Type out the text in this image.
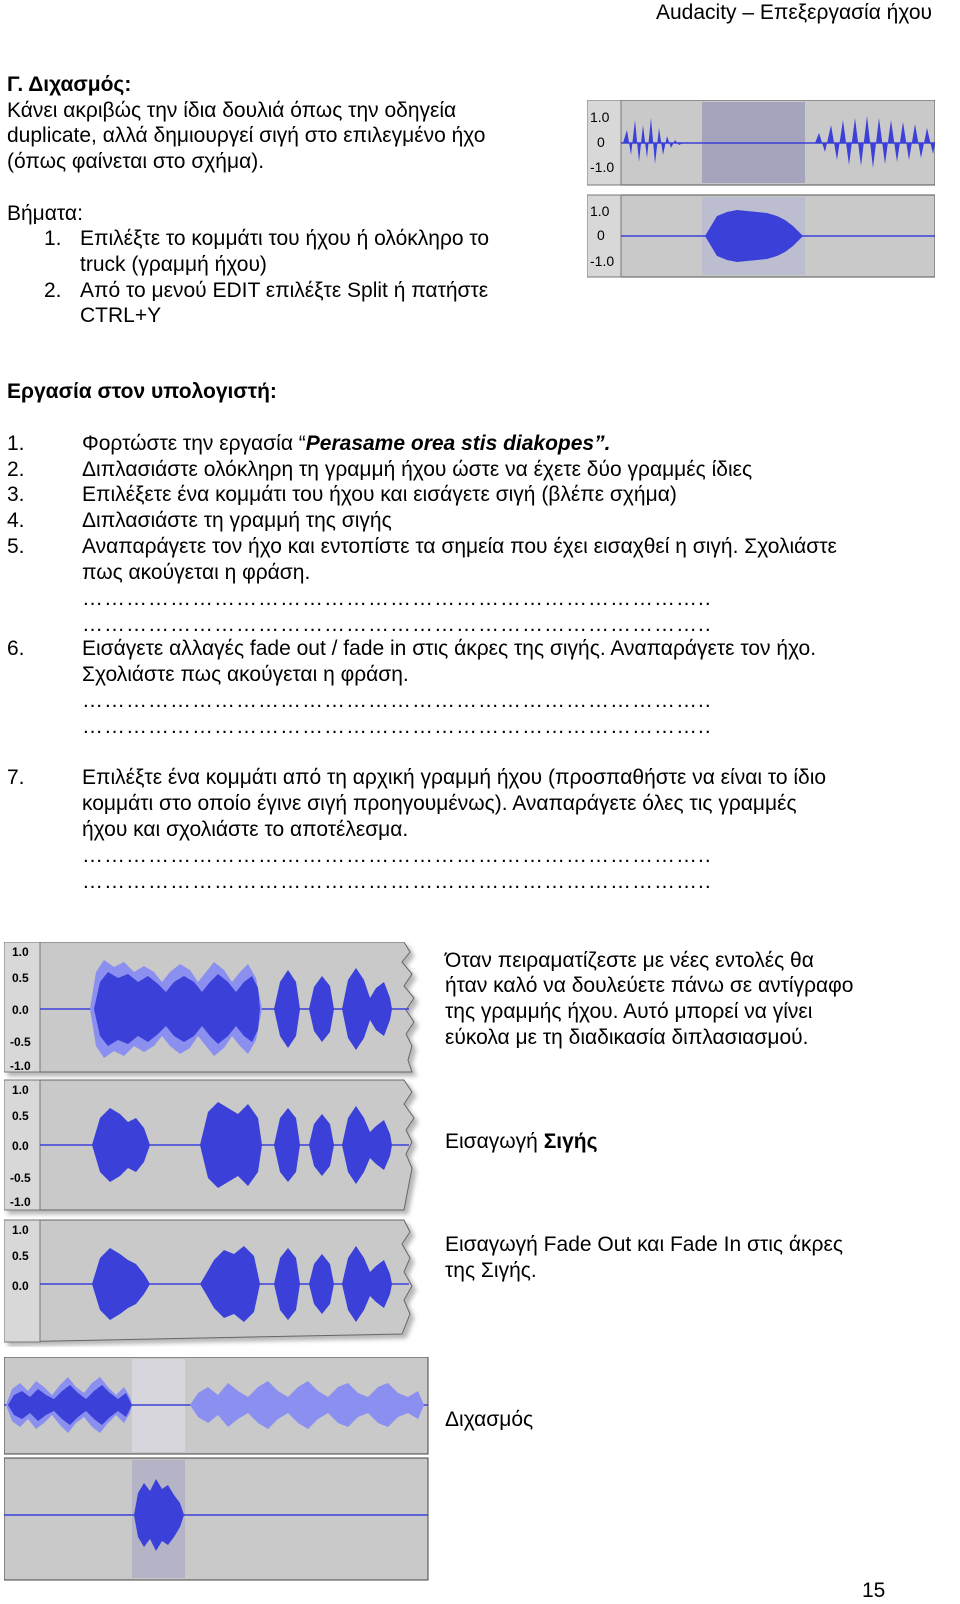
Audacity – Επεξεργασία ήχου
Γ. Διχασμός:
Κάνει ακριβώς την ίδια δουλιά όπως την οδηγεία
duplicate, αλλά δημιουργεί σιγή στο επιλεγμένο ήχο
(όπως φαίνεται στο σχήμα).
Βήματα:
1. Επιλέξτε το κομμάτι του ήχου ή ολόκληρο το
truck (γραμμή ήχου)
2. Από το μενού EDIT επιλέξτε Split ή πατήστε
CTRL+Y
1.0
0
-1.0
1.0
0
-1.0
Εργασία στον υπολογιστή:
1.	Φορτώστε την εργασία “Perasame orea stis diakopes”.
2.	Διπλασιάστε ολόκληρη τη γραμμή ήχου ώστε να έχετε δύο γραμμές ίδιες
3.	Επιλέξετε ένα κομμάτι του ήχου και εισάγετε σιγή (βλέπε σχήμα)
4.	Διπλασιάστε τη γραμμή της σιγής
5.	Αναπαράγετε τον ήχο και εντοπίστε τα σημεία που έχει εισαχθεί η σιγή. Σχολιάστε
πως ακούγεται η φράση.
…………………………………………………………………………..
…………………………………………………………………………..
6.	Εισάγετε αλλαγές fade out / fade in στις άκρες της σιγής. Αναπαράγετε τον ήχο.
Σχολιάστε πως ακούγεται η φράση.
…………………………………………………………………………..
…………………………………………………………………………..
7.	Επιλέξτε ένα κομμάτι από τη αρχική γραμμή ήχου (προσπαθήστε να είναι το ίδιο
κομμάτι στο οποίο έγινε σιγή προηγουμένως). Αναπαράγετε όλες τις γραμμές
ήχου και σχολιάστε το αποτέλεσμα.
…………………………………………………………………………..
…………………………………………………………………………..
1.0
0.5
0.0
-0.5
-1.0
1.0
0.5
0.0
-0.5
-1.0
1.0
0.5
0.0
Όταν πειραματίζεστε με νέες εντολές θα
ήταν καλό να δουλεύετε πάνω σε αντίγραφο
της γραμμής ήχου. Αυτό μπορεί να γίνει
εύκολα με τη διαδικασία διπλασιασμού.
Εισαγωγή Σιγής
Εισαγωγή Fade Out και Fade In στις άκρες
της Σιγής.
Διχασμός
15
